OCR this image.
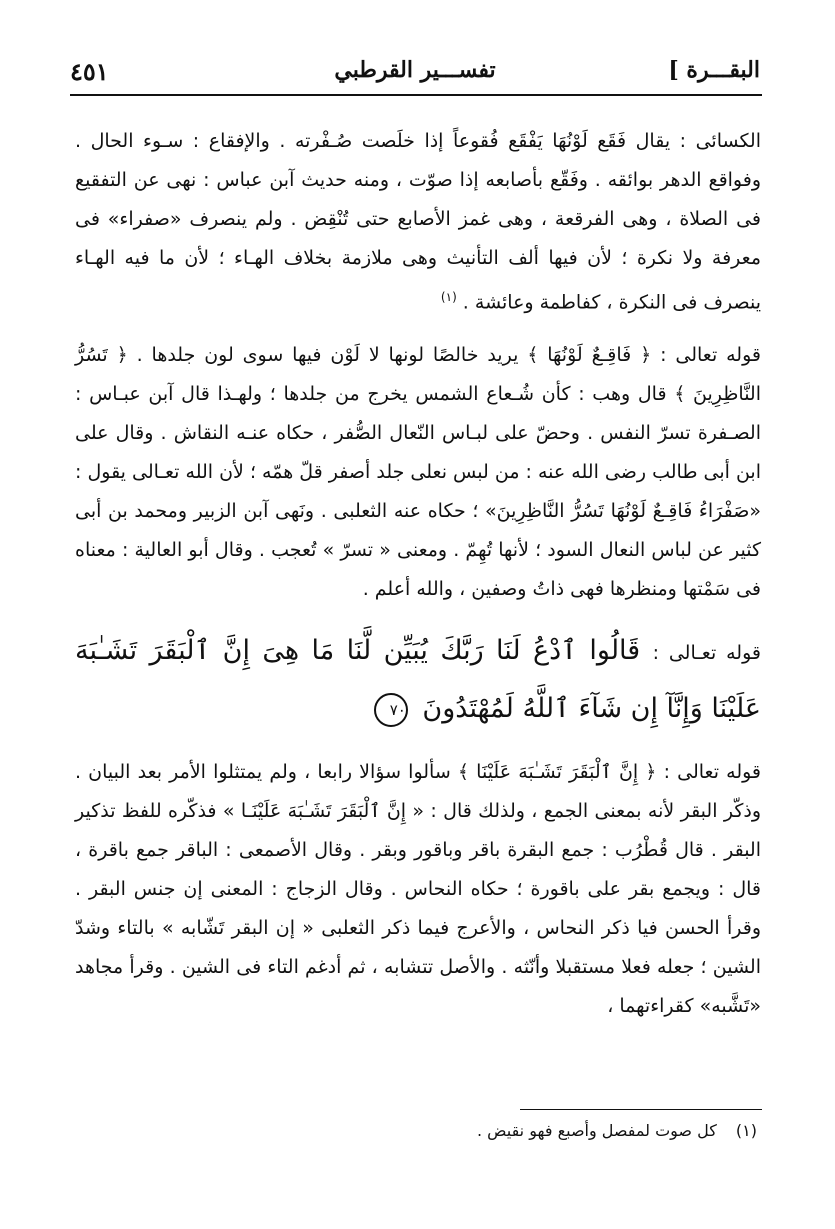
البقـــرة ]
تفســـير القرطبي
٤٥١

الكسائى : يقال فَقَع لَوْنُهَا يَفْقَع فُقوعاً إذا خلَصت صُـفْرته . والإفقاع : سـوء الحال . وفواقع الدهر بوائقه . وفَقّع بأصابعه إذا صوّت ، ومنه حديث آبن عباس : نهى عن التفقيع فى الصلاة ، وهى الفرقعة ، وهى غمز الأصابع حتى تُنْقِض . ولم ينصرف «صفراء» فى معرفة ولا نكرة ؛ لأن فيها ألف التأنيث وهى ملازمة بخلاف الهـاء ؛ لأن ما فيه الهـاء ينصرف فى النكرة ، كفاطمة وعائشة . $^{(١)}$

قوله تعالى : ﴿ فَاقِـعٌ لَوْنُهَا ﴾ يريد خالصًا لونها لا لَوْن فيها سوى لون جلدها . ﴿ تَسُرُّ النَّاظِرِينَ ﴾ قال وهب : كأن شُـعاع الشمس يخرج من جلدها ؛ ولهـذا قال آبن عبـاس : الصـفرة تسرّ النفس . وحضّ على لبـاس النّعال الصُّفر ، حكاه عنـه النقاش . وقال على ابن أبى طالب رضى الله عنه : من لبس نعلى جلد أصفر قلّ همّه ؛ لأن الله تعـالى يقول : «صَفْرَاءُ فَاقِـعٌ لَوْنُهَا تَسُرُّ النَّاظِرِينَ» ؛ حكاه عنه الثعلبى . ونَهى آبن الزبير ومحمد بن أبى كثير عن لباس النعال السود ؛ لأنها تُهِمّ . ومعنى « تسرّ » تُعجب . وقال أبو العالية : معناه فى سَمْتها ومنظرها فهى ذاتُ وصفين ، والله أعلم .

قوله تعـالى : قَالُوا ٱدْعُ لَنَا رَبَّكَ يُبَيِّن لَّنَا مَا هِىَ إِنَّ ٱلْبَقَرَ تَشَـٰبَهَ عَلَيْنَا وَإِنَّآ إِن شَآءَ ٱللَّهُ لَمُهْتَدُونَ ٧٠

قوله تعالى : ﴿ إِنَّ ٱلْبَقَرَ تَشَـٰبَهَ عَلَيْنَا ﴾ سألوا سؤالا رابعا ، ولم يمتثلوا الأمر بعد البيان . وذكّر البقر لأنه بمعنى الجمع ، ولذلك قال : « إِنَّ ٱلْبَقَرَ تَشَـٰبَهَ عَلَيْنَـا » فذكّره للفظ تذكير البقر . قال قُطْرُب : جمع البقرة باقر وباقور وبقر . وقال الأصمعى : الباقر جمع باقرة ، قال : ويجمع بقر على باقورة ؛ حكاه النحاس . وقال الزجاج : المعنى إن جنس البقر . وقرأ الحسن فيا ذكر النحاس ، والأعرج فيما ذكر الثعلبى « إن البقر تَشّابه » بالتاء وشدّ الشين ؛ جعله فعلا مستقبلا وأنّثه . والأصل تتشابه ، ثم أدغم التاء فى الشين . وقرأ مجاهد «تَشَّبه» كقراءتهما ،

(١) كل صوت لمفصل وأصبع فهو نقيض .
